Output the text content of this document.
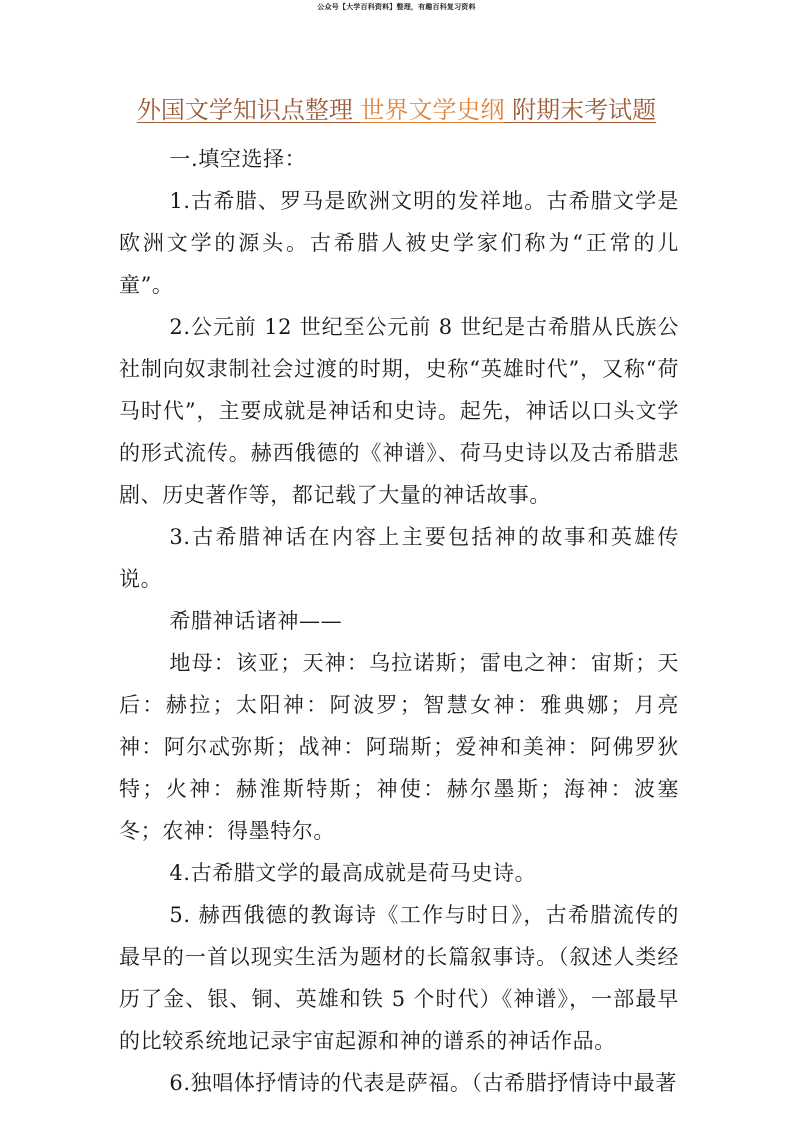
公众号【大学百科资料】整理，有趣百科复习资料
外国文学知识点整理 世界文学史纲 附期末考试题

一.填空选择：

1.古希腊、罗马是欧洲文明的发祥地。古希腊文学是欧洲文学的源头。古希腊人被史学家们称为“正常的儿童”。

2.公元前 12 世纪至公元前 8 世纪是古希腊从氏族公社制向奴隶制社会过渡的时期，史称“英雄时代”，又称“荷马时代”，主要成就是神话和史诗。起先，神话以口头文学的形式流传。赫西俄德的《神谱》、荷马史诗以及古希腊悲剧、历史著作等，都记载了大量的神话故事。

3.古希腊神话在内容上主要包括神的故事和英雄传说。

希腊神话诸神——

地母：该亚；天神：乌拉诺斯；雷电之神：宙斯；天后：赫拉；太阳神：阿波罗；智慧女神：雅典娜；月亮神：阿尔忒弥斯；战神：阿瑞斯；爱神和美神：阿佛罗狄特；火神：赫淮斯特斯；神使：赫尔墨斯；海神：波塞冬；农神：得墨特尔。

4.古希腊文学的最高成就是荷马史诗。

5. 赫西俄德的教诲诗《工作与时日》，古希腊流传的最早的一首以现实生活为题材的长篇叙事诗。（叙述人类经历了金、银、铜、英雄和铁 5 个时代）《神谱》，一部最早的比较系统地记录宇宙起源和神的谱系的神话作品。

6.独唱体抒情诗的代表是萨福。（古希腊抒情诗中最著
